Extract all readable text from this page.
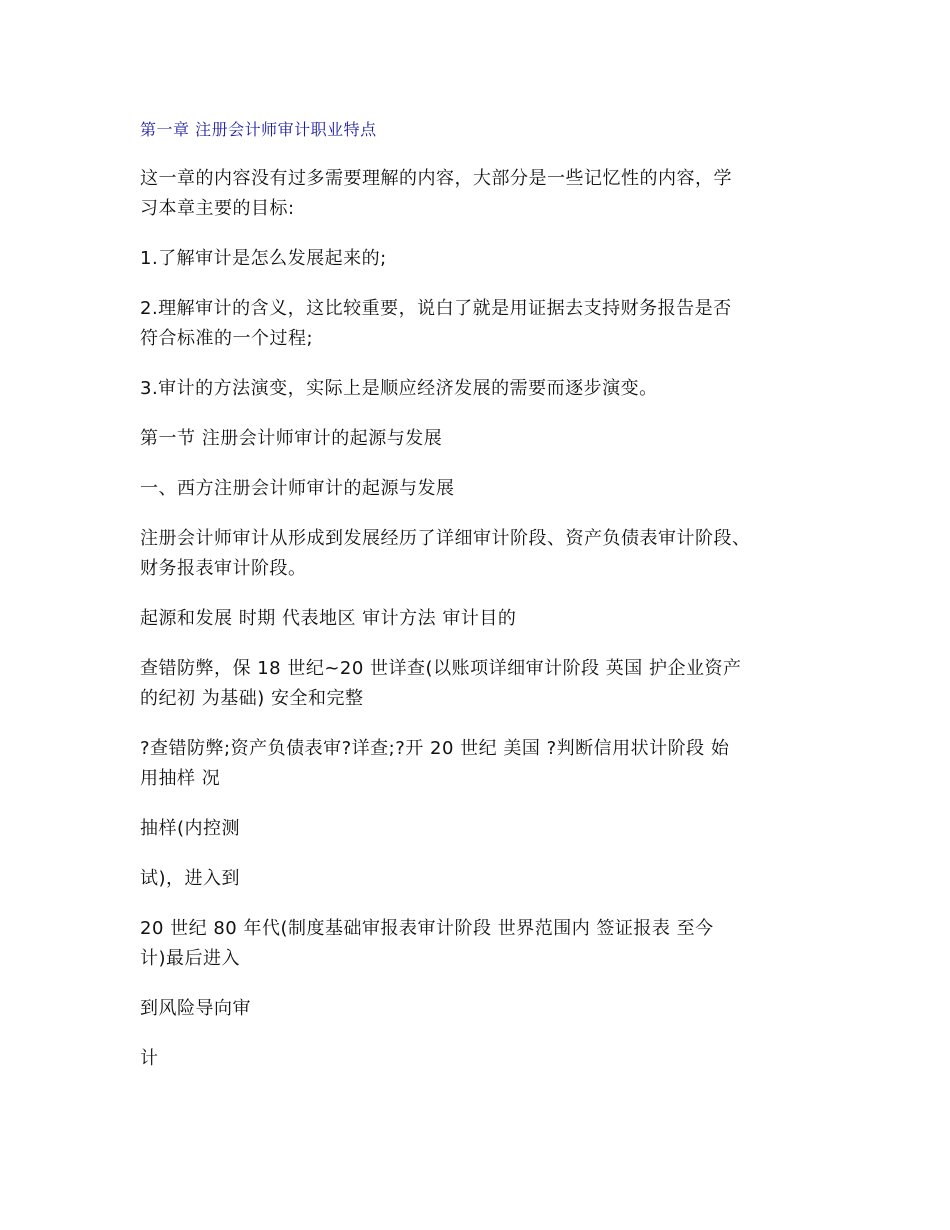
第一章 注册会计师审计职业特点

这一章的内容没有过多需要理解的内容，大部分是一些记忆性的内容，学
习本章主要的目标:

1.了解审计是怎么发展起来的;

2.理解审计的含义，这比较重要，说白了就是用证据去支持财务报告是否
符合标准的一个过程;

3.审计的方法演变，实际上是顺应经济发展的需要而逐步演变。

第一节 注册会计师审计的起源与发展

一、西方注册会计师审计的起源与发展

注册会计师审计从形成到发展经历了详细审计阶段、资产负债表审计阶段、
财务报表审计阶段。

起源和发展 时期 代表地区 审计方法 审计目的

查错防弊，保 18 世纪~20 世详查(以账项详细审计阶段 英国 护企业资产
的纪初 为基础) 安全和完整

?查错防弊;资产负债表审?详查;?开 20 世纪 美国 ?判断信用状计阶段 始
用抽样 况

抽样(内控测

试)，进入到

20 世纪 80 年代(制度基础审报表审计阶段 世界范围内 签证报表 至今
计)最后进入

到风险导向审

计
